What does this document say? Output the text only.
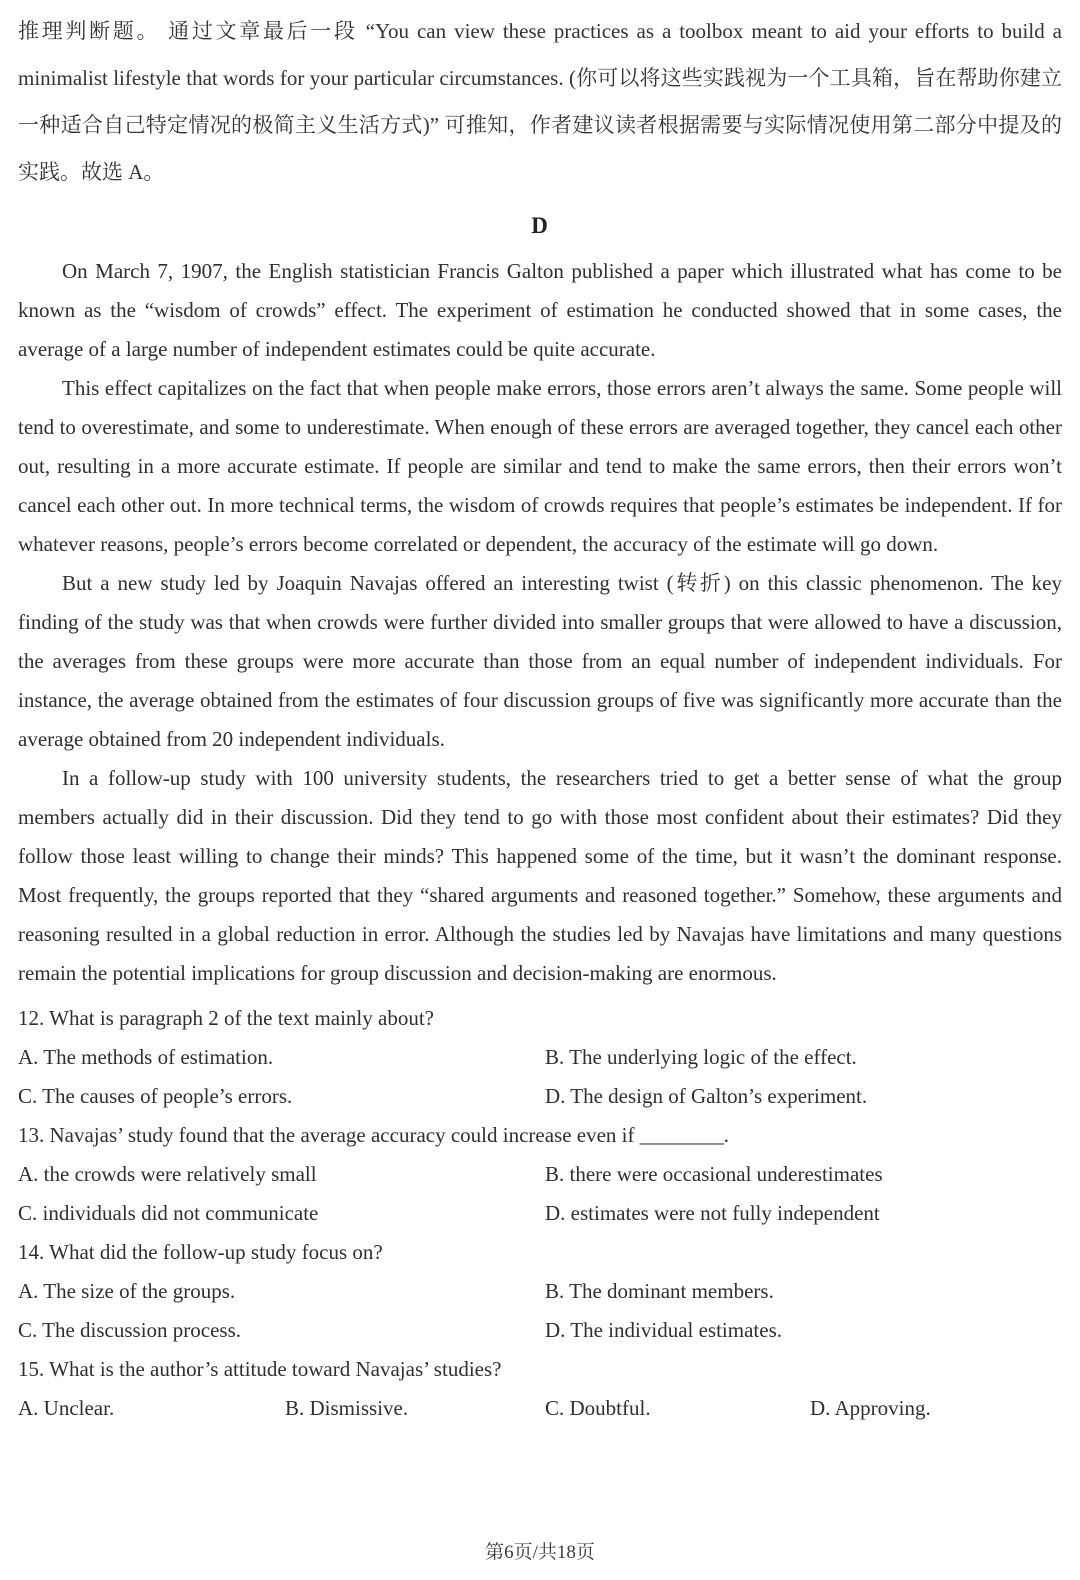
推理判断题。 通过文章最后一段 “You can view these practices as a toolbox meant to aid your efforts to build a minimalist lifestyle that words for your particular circumstances. (你可以将这些实践视为一个工具箱，旨在帮助你建立一种适合自己特定情况的极简主义生活方式)” 可推知，作者建议读者根据需要与实际情况使用第二部分中提及的实践。故选 A。

D

On March 7, 1907, the English statistician Francis Galton published a paper which illustrated what has come to be known as the “wisdom of crowds” effect. The experiment of estimation he conducted showed that in some cases, the average of a large number of independent estimates could be quite accurate.

This effect capitalizes on the fact that when people make errors, those errors aren’t always the same. Some people will tend to overestimate, and some to underestimate. When enough of these errors are averaged together, they cancel each other out, resulting in a more accurate estimate. If people are similar and tend to make the same errors, then their errors won’t cancel each other out. In more technical terms, the wisdom of crowds requires that people’s estimates be independent. If for whatever reasons, people’s errors become correlated or dependent, the accuracy of the estimate will go down.

But a new study led by Joaquin Navajas offered an interesting twist (转折) on this classic phenomenon. The key finding of the study was that when crowds were further divided into smaller groups that were allowed to have a discussion, the averages from these groups were more accurate than those from an equal number of independent individuals. For instance, the average obtained from the estimates of four discussion groups of five was significantly more accurate than the average obtained from 20 independent individuals.

In a follow-up study with 100 university students, the researchers tried to get a better sense of what the group members actually did in their discussion. Did they tend to go with those most confident about their estimates? Did they follow those least willing to change their minds? This happened some of the time, but it wasn’t the dominant response. Most frequently, the groups reported that they “shared arguments and reasoned together.” Somehow, these arguments and reasoning resulted in a global reduction in error. Although the studies led by Navajas have limitations and many questions remain the potential implications for group discussion and decision-making are enormous.

12. What is paragraph 2 of the text mainly about?

A. The methods of estimation.	B. The underlying logic of the effect.
C. The causes of people’s errors.	D. The design of Galton’s experiment.

13. Navajas’ study found that the average accuracy could increase even if ________.

A. the crowds were relatively small	B. there were occasional underestimates
C. individuals did not communicate	D. estimates were not fully independent

14. What did the follow-up study focus on?

A. The size of the groups.	B. The dominant members.
C. The discussion process.	D. The individual estimates.

15. What is the author’s attitude toward Navajas’ studies?

A. Unclear.	B. Dismissive.	C. Doubtful.	D. Approving.
第6页/共18页
